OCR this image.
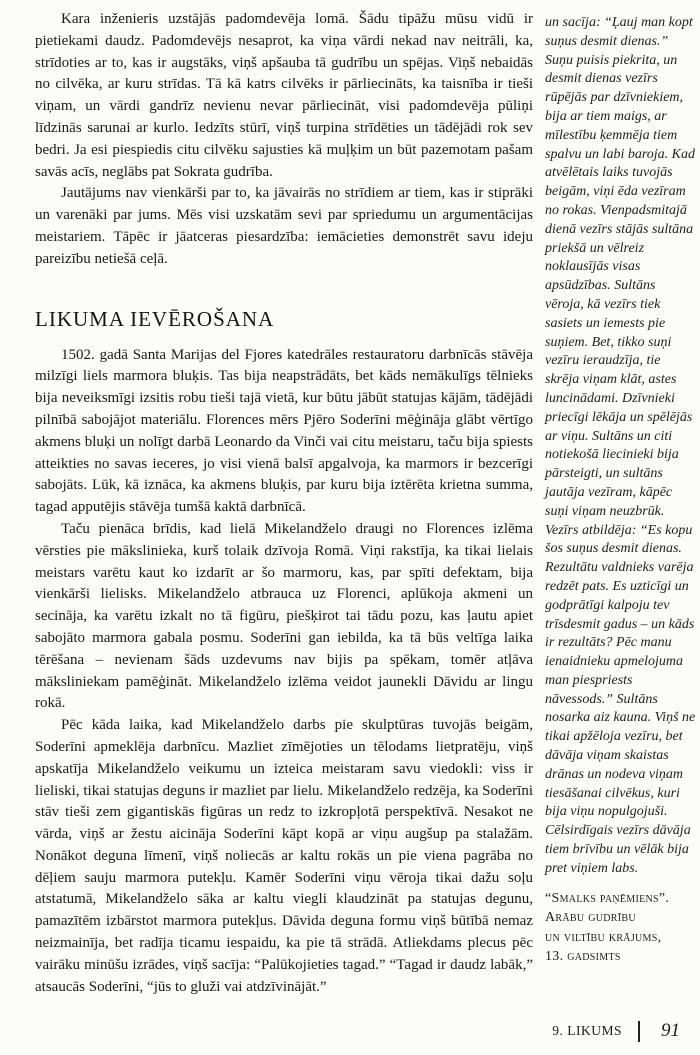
Kara inženieris uzstājās padomdevēja lomā. Šādu tipāžu mūsu vidū ir pietiekami daudz. Padomdevējs nesaprot, ka viņa vārdi nekad nav neitrāli, ka, strīdoties ar to, kas ir augstāks, viņš apšauba tā gudrību un spējas. Viņš nebaidās no cilvēka, ar kuru strīdas. Tā kā katrs cilvēks ir pārliecināts, ka taisnība ir tieši viņam, un vārdi gandrīz nevienu nevar pārliecināt, visi padomdevēja pūliņi līdzinās sarunai ar kurlo. Iedzīts stūrī, viņš turpina strīdēties un tādējādi rok sev bedri. Ja esi piespiedis citu cilvēku sajusties kā muļķim un būt pazemotam pašam savās acīs, neglābs pat Sokrata gudrība.

Jautājums nav vienkārši par to, ka jāvairās no strīdiem ar tiem, kas ir stiprāki un varenāki par jums. Mēs visi uzskatām sevi par spriedumu un argumentācijas meistariem. Tāpēc ir jāatceras piesardzība: iemācieties demonstrēt savu ideju pareizību netiešā ceļā.

LIKUMA IEVĒROŠANA

1502. gadā Santa Marijas del Fjores katedrāles restauratoru darbnīcās stāvēja milzīgi liels marmora bluķis. Tas bija neapstrādāts, bet kāds nemākulīgs tēlnieks bija neveiksmīgi izsitis robu tieši tajā vietā, kur būtu jābūt statujas kājām, tādējādi pilnībā sabojājot materiālu. Florences mērs Pjēro Soderīni mēģināja glābt vērtīgo akmens bluķi un nolīgt darbā Leonardo da Vinči vai citu meistaru, taču bija spiests atteikties no savas ieceres, jo visi vienā balsī apgalvoja, ka marmors ir bezcerīgi sabojāts. Lūk, kā iznāca, ka akmens bluķis, par kuru bija iztērēta krietna summa, tagad apputējis stāvēja tumšā kaktā darbnīcā.

Taču pienāca brīdis, kad lielā Mikelandželo draugi no Florences izlēma vērsties pie mākslinieka, kurš tolaik dzīvoja Romā. Viņi rakstīja, ka tikai lielais meistars varētu kaut ko izdarīt ar šo marmoru, kas, par spīti defektam, bija vienkārši lielisks. Mikelandželo atbrauca uz Florenci, aplūkoja akmeni un secināja, ka varētu izkalt no tā figūru, piešķirot tai tādu pozu, kas ļautu apiet sabojāto marmora gabala posmu. Soderīni gan iebilda, ka tā būs veltīga laika tērēšana – nevienam šāds uzdevums nav bijis pa spēkam, tomēr atļāva māksliniekam pamēģināt. Mikelandželo izlēma veidot jaunekli Dāvidu ar lingu rokā.

Pēc kāda laika, kad Mikelandželo darbs pie skulptūras tuvojās beigām, Soderīni apmeklēja darbnīcu. Mazliet zīmējoties un tēlodams lietpratēju, viņš apskatīja Mikelandželo veikumu un izteica meistaram savu viedokli: viss ir lieliski, tikai statujas deguns ir mazliet par lielu. Mikelandželo redzēja, ka Soderīni stāv tieši zem gigantiskās figūras un redz to izkropļotā perspektīvā. Nesakot ne vārda, viņš ar žestu aicināja Soderīni kāpt kopā ar viņu augšup pa stalažām. Nonākot deguna līmenī, viņš noliecās ar kaltu rokās un pie viena pagrāba no dēļiem sauju marmora putekļu. Kamēr Soderīni viņu vēroja tikai dažu soļu atstatumā, Mikelandželo sāka ar kaltu viegli klaudzināt pa statujas degunu, pamazītēm izbārstot marmora putekļus. Dāvida deguna formu viņš būtībā nemaz neizmainīja, bet radīja ticamu iespaidu, ka pie tā strādā. Atliekdams plecus pēc vairāku minūšu izrādes, viņš sacīja: “Palūkojieties tagad.” “Tagad ir daudz labāk,” atsaucās Soderīni, “jūs to gluži vai atdzīvinājāt.”

un sacīja: “Ļauj man kopt suņus desmit dienas.” Suņu puisis piekrita, un desmit dienas vezīrs rūpējās par dzīvniekiem, bija ar tiem maigs, ar mīlestību ķemmēja tiem spalvu un labi baroja. Kad atvēlētais laiks tuvojās beigām, viņi ēda vezīram no rokas. Vienpadsmitajā dienā vezīrs stājās sultāna priekšā un vēlreiz noklausījās visas apsūdzības. Sultāns vēroja, kā vezīrs tiek sasiets un iemests pie suņiem. Bet, tikko suņi vezīru ieraudzīja, tie skrēja viņam klāt, astes luncinādami. Dzīvnieki priecīgi lēkāja un spēlējās ar viņu. Sultāns un citi notiekošā liecinieki bija pārsteigti, un sultāns jautāja vezīram, kāpēc suņi viņam neuzbrūk. Vezīrs atbildēja: “Es kopu šos suņus desmit dienas. Rezultātu valdnieks varēja redzēt pats. Es uzticīgi un godprātīgi kalpoju tev trīsdesmit gadus – un kāds ir rezultāts? Pēc manu ienaidnieku apmelojuma man piespriests nāvessods.” Sultāns nosarka aiz kauna. Viņš ne tikai apžēloja vezīru, bet dāvāja viņam skaistas drānas un nodeva viņam tiesāšanai cilvēkus, kuri bija viņu nopulgojuši. Cēlsirdīgais vezīrs dāvāja tiem brīvību un vēlāk bija pret viņiem labs.
“Smalks paņēmiens”.
Arābu gudrību
un viltību krājums,
13. gadsimts
9. LIKUMS 91
